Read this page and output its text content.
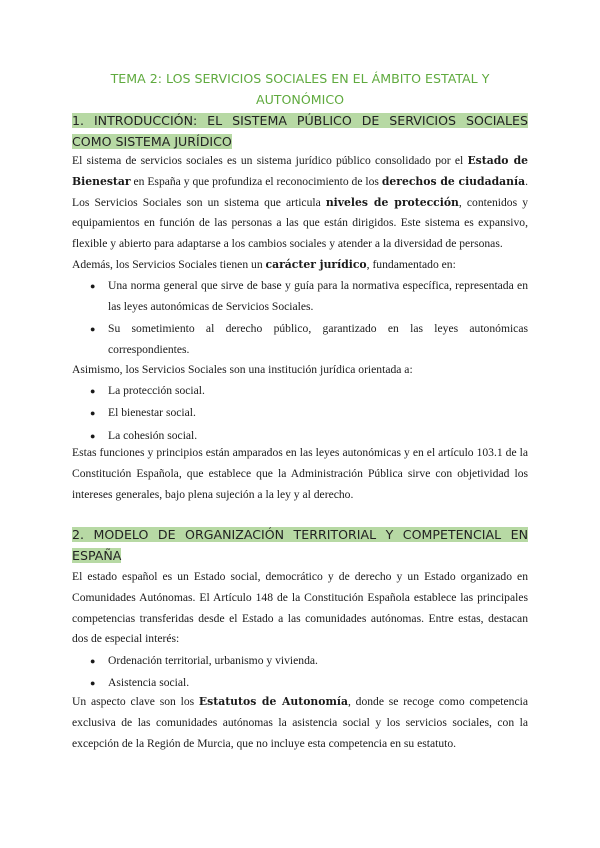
TEMA 2: LOS SERVICIOS SOCIALES EN EL ÁMBITO ESTATAL Y AUTONÓMICO
1. INTRODUCCIÓN: EL SISTEMA PÚBLICO DE SERVICIOS SOCIALES COMO SISTEMA JURÍDICO
El sistema de servicios sociales es un sistema jurídico público consolidado por el Estado de Bienestar en España y que profundiza el reconocimiento de los derechos de ciudadanía. Los Servicios Sociales son un sistema que articula niveles de protección, contenidos y equipamientos en función de las personas a las que están dirigidos. Este sistema es expansivo, flexible y abierto para adaptarse a los cambios sociales y atender a la diversidad de personas.
Además, los Servicios Sociales tienen un carácter jurídico, fundamentado en:
● Una norma general que sirve de base y guía para la normativa específica, representada en las leyes autonómicas de Servicios Sociales.
● Su sometimiento al derecho público, garantizado en las leyes autonómicas correspondientes.
Asimismo, los Servicios Sociales son una institución jurídica orientada a:
● La protección social.
● El bienestar social.
● La cohesión social.
Estas funciones y principios están amparados en las leyes autonómicas y en el artículo 103.1 de la Constitución Española, que establece que la Administración Pública sirve con objetividad los intereses generales, bajo plena sujeción a la ley y al derecho.
2. MODELO DE ORGANIZACIÓN TERRITORIAL Y COMPETENCIAL EN ESPAÑA
El estado español es un Estado social, democrático y de derecho y un Estado organizado en Comunidades Autónomas. El Artículo 148 de la Constitución Española establece las principales competencias transferidas desde el Estado a las comunidades autónomas. Entre estas, destacan dos de especial interés:
● Ordenación territorial, urbanismo y vivienda.
● Asistencia social.
Un aspecto clave son los Estatutos de Autonomía, donde se recoge como competencia exclusiva de las comunidades autónomas la asistencia social y los servicios sociales, con la excepción de la Región de Murcia, que no incluye esta competencia en su estatuto.
